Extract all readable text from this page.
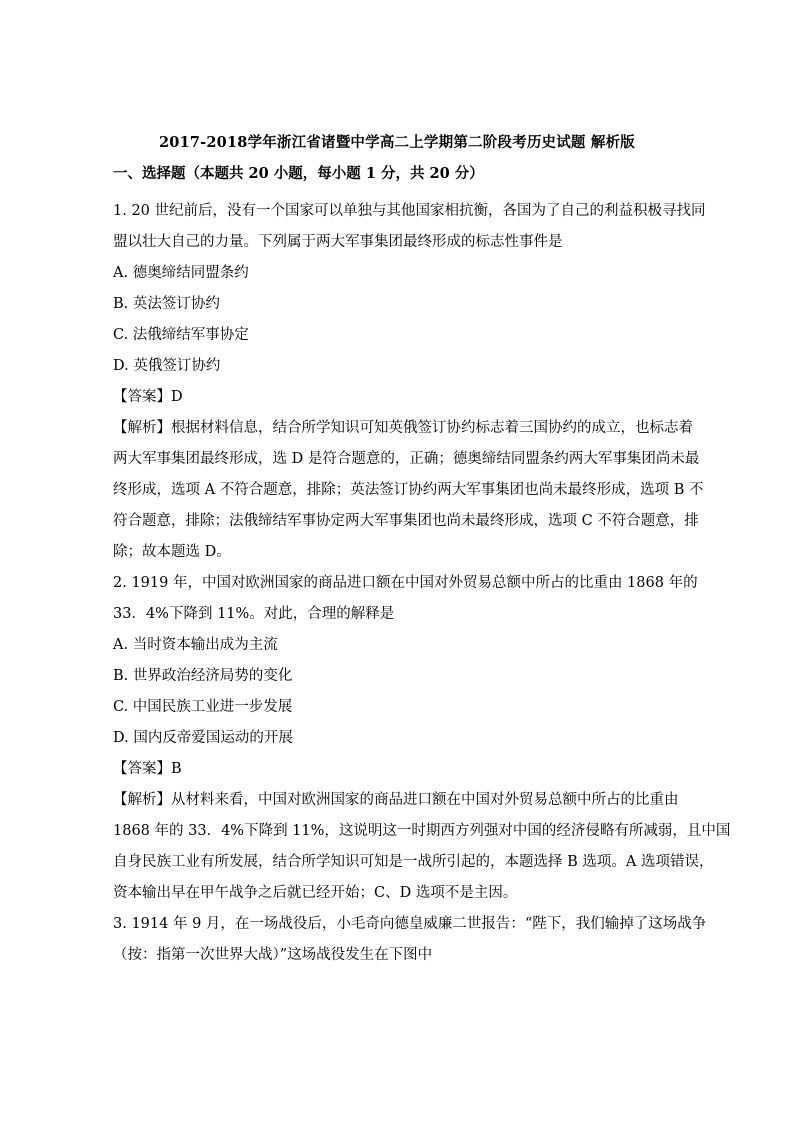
2017-2018学年浙江省诸暨中学高二上学期第二阶段考历史试题 解析版
一、选择题（本题共 20 小题，每小题 1 分，共 20 分）
1. 20 世纪前后，没有一个国家可以单独与其他国家相抗衡，各国为了自己的利益积极寻找同
盟以壮大自己的力量。下列属于两大军事集团最终形成的标志性事件是
A. 德奥缔结同盟条约
B. 英法签订协约
C. 法俄缔结军事协定
D. 英俄签订协约
【答案】D
【解析】根据材料信息，结合所学知识可知英俄签订协约标志着三国协约的成立，也标志着
两大军事集团最终形成，选 D 是符合题意的，正确；德奥缔结同盟条约两大军事集团尚未最
终形成，选项 A 不符合题意，排除；英法签订协约两大军事集团也尚未最终形成，选项 B 不
符合题意，排除；法俄缔结军事协定两大军事集团也尚未最终形成，选项 C 不符合题意，排
除；故本题选 D。
2. 1919 年，中国对欧洲国家的商品进口额在中国对外贸易总额中所占的比重由 1868 年的
33．4%下降到 11%。对此，合理的解释是
A. 当时资本输出成为主流
B. 世界政治经济局势的变化
C. 中国民族工业进一步发展
D. 国内反帝爱国运动的开展
【答案】B
【解析】从材料来看，中国对欧洲国家的商品进口额在中国对外贸易总额中所占的比重由
1868 年的 33．4%下降到 11%，这说明这一时期西方列强对中国的经济侵略有所减弱，且中国
自身民族工业有所发展，结合所学知识可知是一战所引起的，本题选择 B 选项。A 选项错误，
资本输出早在甲午战争之后就已经开始；C、D 选项不是主因。
3. 1914 年 9 月，在一场战役后，小毛奇向德皇威廉二世报告：“陛下，我们输掉了这场战争
（按：指第一次世界大战）”这场战役发生在下图中
